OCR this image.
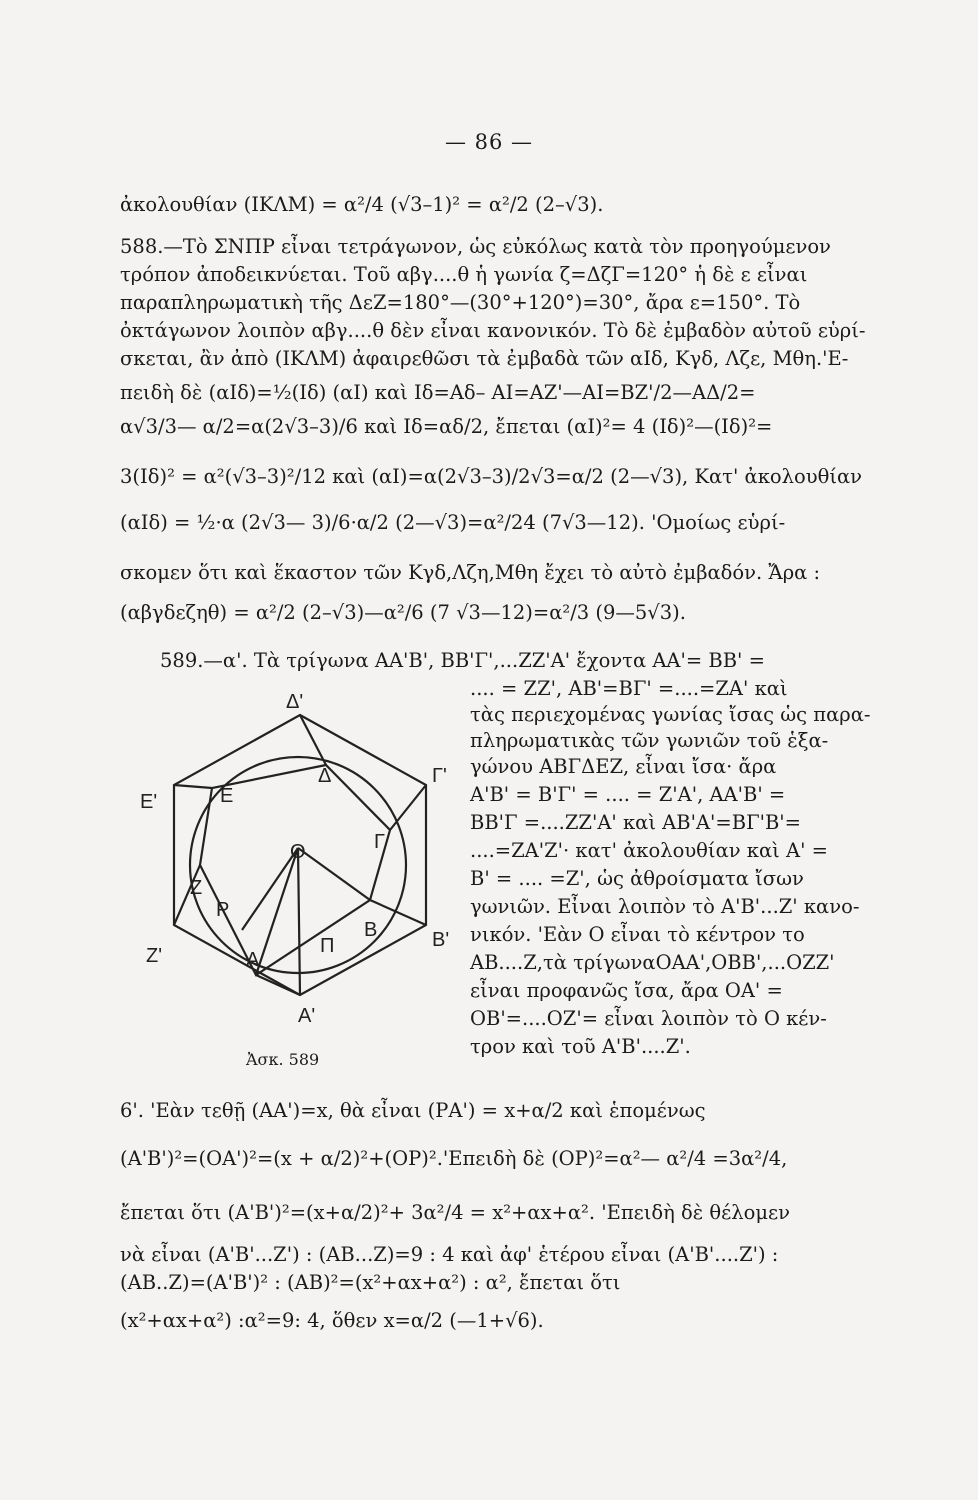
— 86 —
ἀκολουθίαν (ΙΚΛΜ) = α²/4 (√3–1)² = α²/2 (2–√3).
588.—Τὸ ΣΝΠΡ εἶναι τετράγωνον, ὡς εὐκόλως κατὰ τὸν προηγούμενον
τρόπον ἀποδεικνύεται. Τοῦ αβγ....θ ἡ γωνία ζ=ΔζΓ=120° ἡ δὲ ε εἶναι
παραπληρωματικὴ τῆς ΔεΖ=180°—(30°+120°)=30°, ἄρα ε=150°. Τὸ
ὀκτάγωνον λοιπὸν αβγ....θ δὲν εἶναι κανονικόν. Τὸ δὲ ἐμβαδὸν αὐτοῦ εὑρί-
σκεται, ἂν ἀπὸ (ΙΚΛΜ) ἀφαιρεθῶσι τὰ ἐμβαδὰ τῶν αΙδ, Κγδ, Λζε, Μθη.'Ε-
πειδὴ δὲ (αΙδ)=½(Ιδ) (αΙ) καὶ Ιδ=Αδ– ΑΙ=ΑΖ'—ΑΙ=ΒΖ'/2—ΑΔ/2=
α√3/3— α/2=α(2√3–3)/6 καὶ Ιδ=αδ/2, ἔπεται (αΙ)²= 4 (Ιδ)²—(Ιδ)²=
3(Ιδ)² = α²(√3–3)²/12 καὶ (αΙ)=α(2√3–3)/2√3=α/2 (2—√3), Κατ' ἀκολουθίαν
(αΙδ) = ½·α (2√3— 3)/6·α/2 (2—√3)=α²/24 (7√3—12). 'Ομοίως εὑρί-
σκομεν ὅτι καὶ ἕκαστον τῶν Κγδ,Λζη,Μθη ἔχει τὸ αὐτὸ ἐμβαδόν. Ἄρα :
(αβγδεζηθ) = α²/2 (2–√3)—α²/6 (7 √3—12)=α²/3 (9—5√3).
589.—α'. Τὰ τρίγωνα ΑΑ'Β', ΒΒ'Γ',...ΖΖ'Α' ἔχοντα ΑΑ'= ΒΒ' =
.... = ΖΖ', ΑΒ'=ΒΓ' =....=ΖΑ' καὶ
τὰς περιεχομένας γωνίας ἴσας ὡς παρα-
πληρωματικὰς τῶν γωνιῶν τοῦ ἑξα-
γώνου ΑΒΓΔΕΖ, εἶναι ἴσα· ἄρα
Α'Β' = Β'Γ' = .... = Ζ'Α', ΑΑ'Β' =
ΒΒ'Γ =....ΖΖ'Α' καὶ ΑΒ'Α'=ΒΓ'Β'=
....=ΖΑ'Ζ'· κατ' ἀκολουθίαν καὶ Α' =
Β' = .... =Ζ', ὡς ἀθροίσματα ἴσων
γωνιῶν. Εἶναι λοιπὸν τὸ Α'Β'...Ζ' κανο-
νικόν. 'Εὰν Ο εἶναι τὸ κέντρον το
ΑΒ....Ζ,τὰ τρίγωναΟΑΑ',ΟΒΒ',...ΟΖΖ'
εἶναι προφανῶς ἴσα, ἄρα ΟΑ' =
ΟΒ'=....ΟΖ'= εἶναι λοιπὸν τὸ Ο κέν-
τρον καὶ τοῦ Α'Β'....Ζ'.
Δ'
Δ	Γ'
Γ
Ε'	Ε
Ο
Ζ
Ρ
Α
Π
Β	Β'
Ζ'
Α'
Ἀσκ. 589
6'. 'Εὰν τεθῇ (ΑΑ')=x, θὰ εἶναι (ΡΑ') = x+α/2 καὶ ἑπομένως
(Α'Β')²=(ΟΑ')²=(x + α/2)²+(ΟΡ)².'Επειδὴ δὲ (ΟΡ)²=α²— α²/4 =3α²/4,
ἔπεται ὅτι (Α'Β')²=(x+α/2)²+ 3α²/4 = x²+αx+α². 'Επειδὴ δὲ θέλομεν
νὰ εἶναι (Α'Β'...Ζ') : (ΑΒ...Ζ)=9 : 4 καὶ ἀφ' ἑτέρου εἶναι (Α'Β'....Ζ') :
(ΑΒ..Ζ)=(Α'Β')² : (ΑΒ)²=(x²+αx+α²) : α², ἔπεται ὅτι
(x²+αx+α²) :α²=9: 4, ὅθεν x=α/2 (—1+√6).
